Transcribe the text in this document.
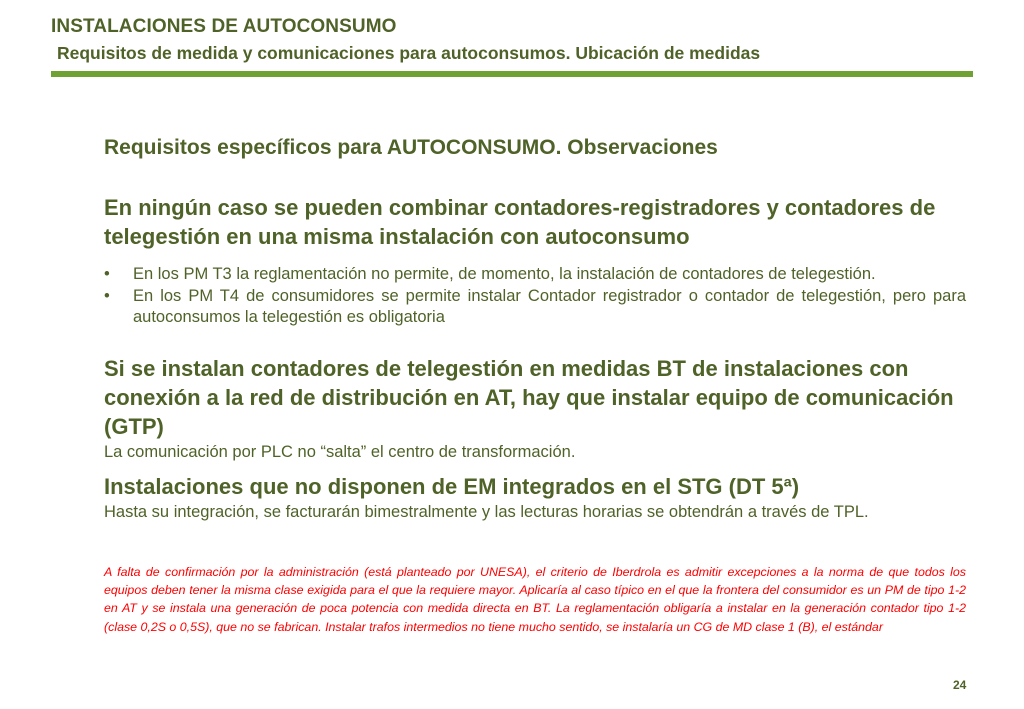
INSTALACIONES DE AUTOCONSUMO
Requisitos de medida y comunicaciones para autoconsumos. Ubicación de medidas
Requisitos específicos para AUTOCONSUMO. Observaciones
En ningún caso se pueden combinar contadores-registradores y contadores de telegestión en una misma instalación con autoconsumo
• En los PM T3 la reglamentación no permite, de momento, la instalación de contadores de telegestión.
• En los PM T4 de consumidores se permite instalar Contador registrador o contador de telegestión, pero para autoconsumos la telegestión es obligatoria
Si se instalan contadores de telegestión en medidas BT de instalaciones con conexión a la red de distribución en AT, hay que instalar equipo de comunicación (GTP)

La comunicación por PLC no “salta” el centro de transformación.

Instalaciones que no disponen de EM integrados en el STG (DT 5ª)

Hasta su integración, se facturarán bimestralmente y las lecturas horarias se obtendrán a través de TPL.

A falta de confirmación por la administración (está planteado por UNESA), el criterio de Iberdrola es admitir excepciones a la norma de que todos los equipos deben tener la misma clase exigida para el que la requiere mayor. Aplicaría al caso típico en el que la frontera del consumidor es un PM de tipo 1-2 en AT y se instala una generación de poca potencia con medida directa en BT. La reglamentación obligaría a instalar en la generación contador tipo 1-2 (clase 0,2S o 0,5S), que no se fabrican. Instalar trafos intermedios no tiene mucho sentido, se instalaría un CG de MD clase 1 (B), el estándar
24
